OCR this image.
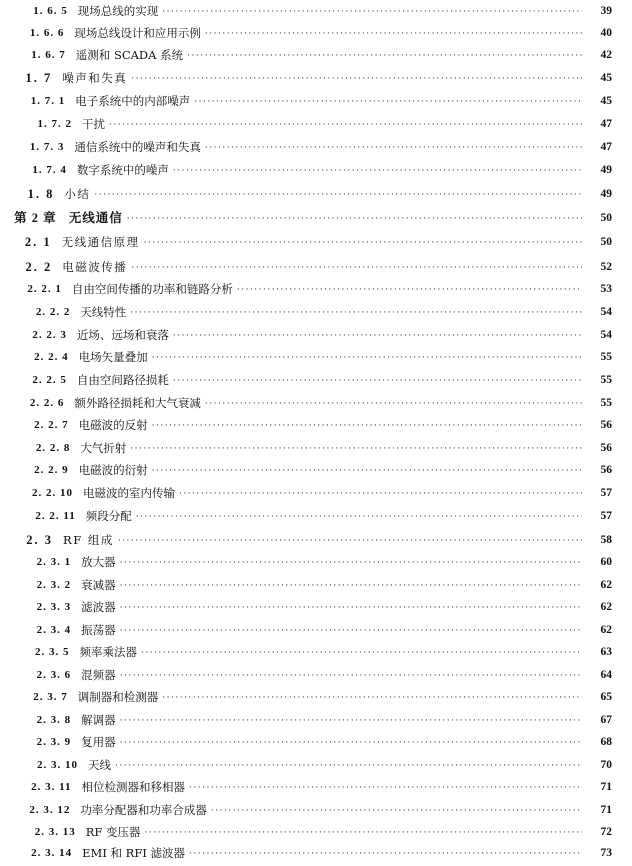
1. 6. 5 现场总线的实现 ·····	39
1. 6. 6 现场总线设计和应用示例 ·····	40
1. 6. 7 遥测和 SCADA 系统 ·····	42
1. 7 噪声和失真 ·····	45
1. 7. 1 电子系统中的内部噪声 ·····	45
1. 7. 2 干扰 ·····	47
1. 7. 3 通信系统中的噪声和失真 ·····	47
1. 7. 4 数字系统中的噪声 ·····	49
1. 8 小结 ·····	49
第 2 章 无线通信 ·····	50
2. 1 无线通信原理 ·····	50
2. 2 电磁波传播 ·····	52
2. 2. 1 自由空间传播的功率和链路分析 ·····	53
2. 2. 2 天线特性 ·····	54
2. 2. 3 近场、远场和衰落 ·····	54
2. 2. 4 电场矢量叠加 ·····	55
2. 2. 5 自由空间路径损耗 ·····	55
2. 2. 6 额外路径损耗和大气衰减 ·····	55
2. 2. 7 电磁波的反射 ·····	56
2. 2. 8 大气折射 ·····	56
2. 2. 9 电磁波的衍射 ·····	56
2. 2. 10 电磁波的室内传输 ·····	57
2. 2. 11 频段分配 ·····	57
2. 3 RF 组成 ·····	58
2. 3. 1 放大器 ·····	60
2. 3. 2 衰减器 ·····	62
2. 3. 3 滤波器 ·····	62
2. 3. 4 振荡器 ·····	62
2. 3. 5 频率乘法器 ·····	63
2. 3. 6 混频器 ·····	64
2. 3. 7 调制器和检测器 ·····	65
2. 3. 8 解调器 ·····	67
2. 3. 9 复用器 ·····	68
2. 3. 10 天线 ·····	70
2. 3. 11 相位检测器和移相器 ·····	71
2. 3. 12 功率分配器和功率合成器 ·····	71
2. 3. 13 RF 变压器 ·····	72
2. 3. 14 EMI 和 RFI 滤波器 ·····	73
